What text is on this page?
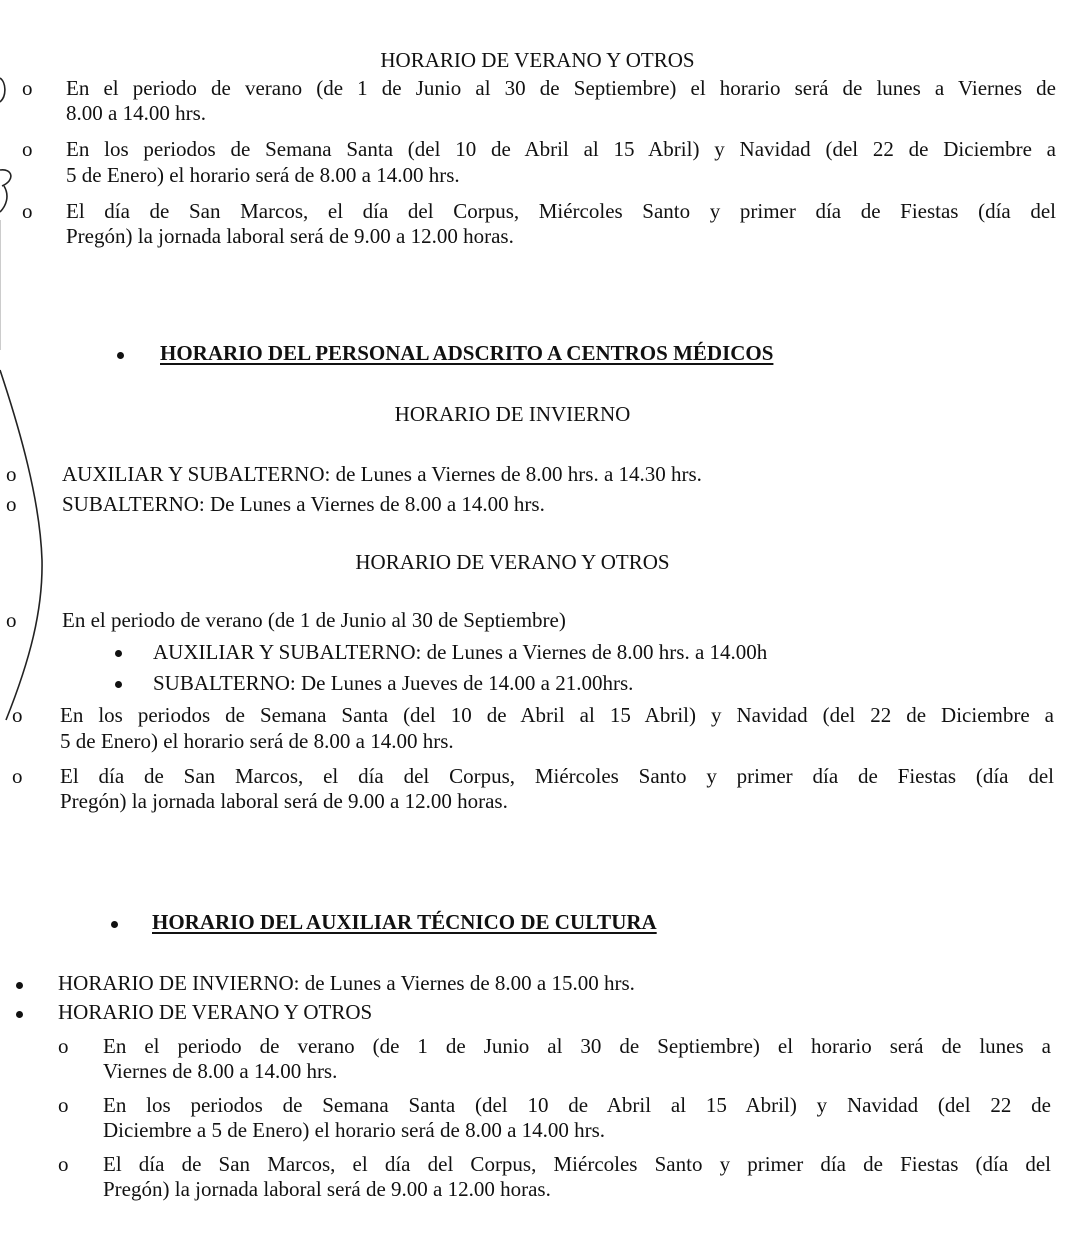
HORARIO DE VERANO Y OTROS
o En el periodo de verano (de 1 de Junio al 30 de Septiembre) el horario será de lunes a Viernes de
8.00 a 14.00 hrs.
o En los periodos de Semana Santa (del 10 de Abril al 15 Abril) y Navidad (del 22 de Diciembre a
5 de Enero) el horario será de 8.00 a 14.00 hrs.
o El día de San Marcos, el día del Corpus, Miércoles Santo y primer día de Fiestas (día del
Pregón) la jornada laboral será de 9.00 a 12.00 horas.
HORARIO DEL PERSONAL ADSCRITO A CENTROS MÉDICOS
HORARIO DE INVIERNO
o AUXILIAR Y SUBALTERNO: de Lunes a Viernes de 8.00 hrs. a 14.30 hrs.
o SUBALTERNO: De Lunes a Viernes de 8.00 a 14.00 hrs.
HORARIO DE VERANO Y OTROS
o En el periodo de verano (de 1 de Junio al 30 de Septiembre)
AUXILIAR Y SUBALTERNO: de Lunes a Viernes de 8.00 hrs. a 14.00h
SUBALTERNO: De Lunes a Jueves de 14.00 a 21.00hrs.
o En los periodos de Semana Santa (del 10 de Abril al 15 Abril) y Navidad (del 22 de Diciembre a
5 de Enero) el horario será de 8.00 a 14.00 hrs.
o El día de San Marcos, el día del Corpus, Miércoles Santo y primer día de Fiestas (día del
Pregón) la jornada laboral será de 9.00 a 12.00 horas.
HORARIO DEL AUXILIAR TÉCNICO DE CULTURA
HORARIO DE INVIERNO: de Lunes a Viernes de 8.00 a 15.00 hrs.
HORARIO DE VERANO Y OTROS
o En el periodo de verano (de 1 de Junio al 30 de Septiembre) el horario será de lunes a
Viernes de 8.00 a 14.00 hrs.
o En los periodos de Semana Santa (del 10 de Abril al 15 Abril) y Navidad (del 22 de
Diciembre a 5 de Enero) el horario será de 8.00 a 14.00 hrs.
o El día de San Marcos, el día del Corpus, Miércoles Santo y primer día de Fiestas (día del
Pregón) la jornada laboral será de 9.00 a 12.00 horas.
